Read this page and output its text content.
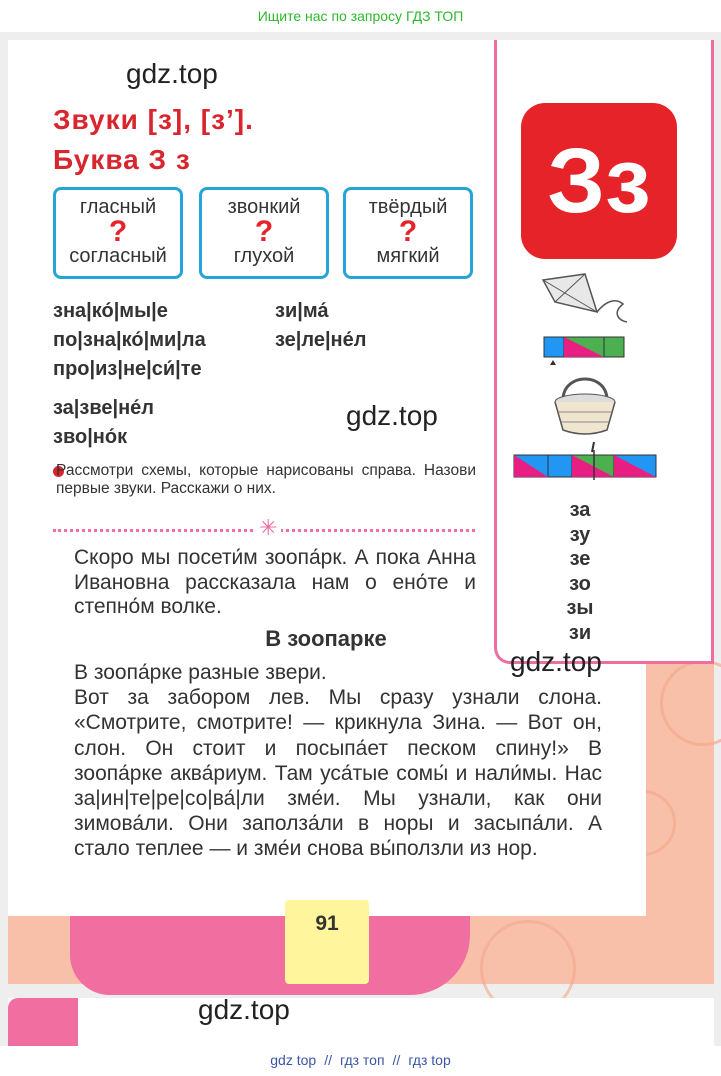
Ищите нас по запросу ГДЗ ТОП
gdz.top
Звуки [з], [з’].
Буква З з
гласный
?
согласный
звонкий
?
глухой
твёрдый
?
мягкий
зна|ко́|мы|е
по|зна|ко́|ми|ла
про|из|не|си́|те
за|зве|не́л
зво|но́к
зи|ма́
зе|ле|не́л
gdz.top
Рассмотри схемы, которые нарисованы справа. Назови первые звуки. Расскажи о них.
✳
Скоро мы посети́м зоопа́рк. А пока Анна Ивановна рассказала нам о ено́те и степно́м волке.
В зоопарке

В зоопа́рке разные звери.

Вот за забором лев. Мы сразу узнали слона. «Смотрите, смотрите! — крикнула Зина. — Вот он, слон. Он стоит и посыпа́ет песком спину!» В зоопа́рке аква́риум. Там уса́тые сомы́ и нали́мы. Нас за|ин|те|ре|со|ва́|ли зме́и. Мы узнали, как они зимова́ли. Они заполза́ли в норы и засыпа́ли. А стало теплее — и зме́и снова вы́ползли из нор.

Зз
за
зу
зе
зо
зы
зи
gdz.top
91
gdz.top
gdz top // гдз топ // гдз top
